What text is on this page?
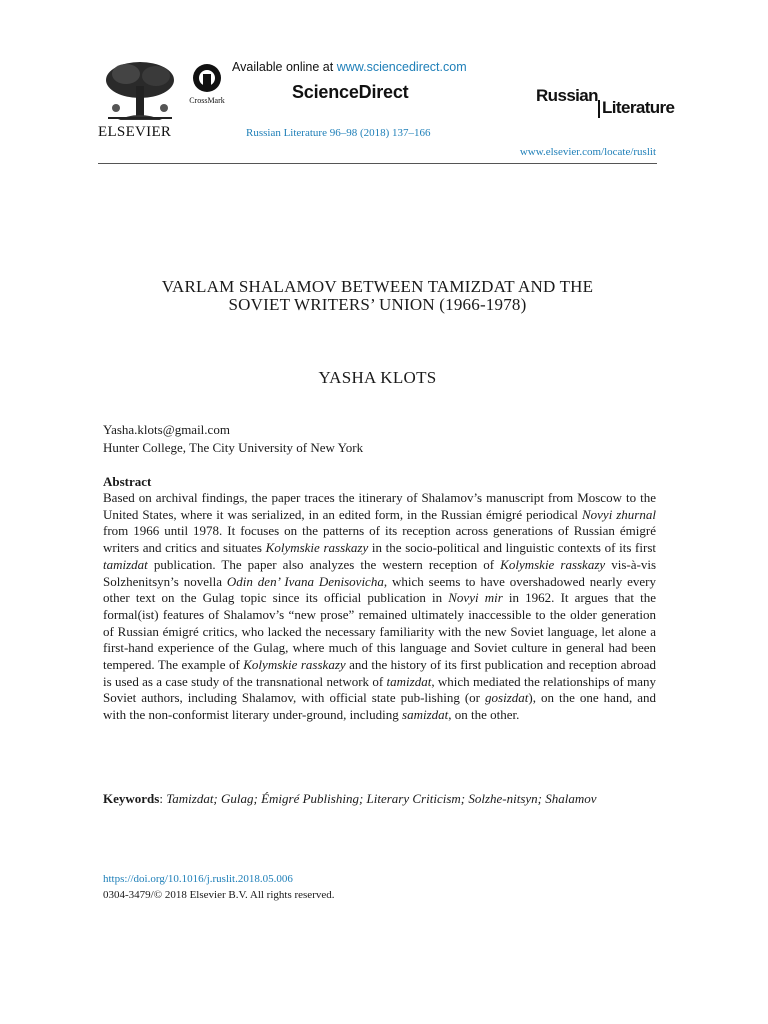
ELSEVIER
CrossMark
Available online at www.sciencedirect.com
ScienceDirect
Russian Literature 96–98 (2018) 137–166
Russian
Literature
www.elsevier.com/locate/ruslit
VARLAM SHALAMOV BETWEEN TAMIZDAT AND THE
SOVIET WRITERS’ UNION (1966-1978)
YASHA KLOTS
Yasha.klots@gmail.com
Hunter College, The City University of New York
Abstract
Based on archival findings, the paper traces the itinerary of Shalamov’s manuscript from Moscow to the United States, where it was serialized, in an edited form, in the Russian émigré periodical Novyi zhurnal from 1966 until 1978. It focuses on the patterns of its reception across generations of Russian émigré writers and critics and situates Kolymskie rasskazy in the socio-political and linguistic contexts of its first tamizdat publication. The paper also analyzes the western reception of Kolymskie rasskazy vis-à-vis Solzhenitsyn’s novella Odin den’ Ivana Denisovicha, which seems to have overshadowed nearly every other text on the Gulag topic since its official publication in Novyi mir in 1962. It argues that the formal(ist) features of Shalamov’s “new prose” remained ultimately inaccessible to the older generation of Russian émigré critics, who lacked the necessary familiarity with the new Soviet language, let alone a first-hand experience of the Gulag, where much of this language and Soviet culture in general had been tempered. The example of Kolymskie rasskazy and the history of its first publication and reception abroad is used as a case study of the transnational network of tamizdat, which mediated the relationships of many Soviet authors, including Shalamov, with official state pub-lishing (or gosizdat), on the one hand, and with the non-conformist literary under-ground, including samizdat, on the other.
Keywords: Tamizdat; Gulag; Émigré Publishing; Literary Criticism; Solzhe-nitsyn; Shalamov
https://doi.org/10.1016/j.ruslit.2018.05.006
0304-3479/© 2018 Elsevier B.V. All rights reserved.
